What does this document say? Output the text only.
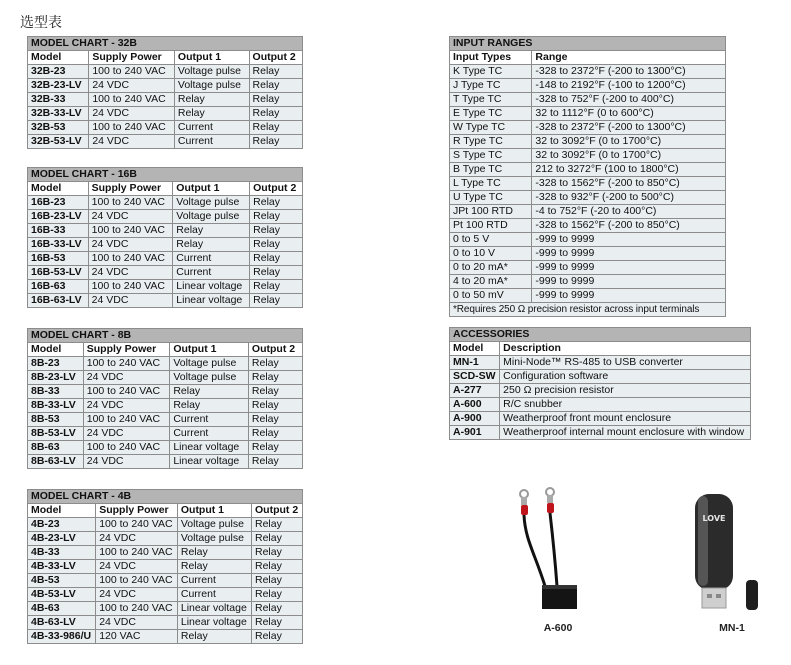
选型表
MODEL CHART - 32B			
Model	Supply Power	Output 1	Output 2
32B-23	100 to 240 VAC	Voltage pulse	Relay
32B-23-LV	24 VDC	Voltage pulse	Relay
32B-33	100 to 240 VAC	Relay	Relay
32B-33-LV	24 VDC	Relay	Relay
32B-53	100 to 240 VAC	Current	Relay
32B-53-LV	24 VDC	Current	Relay
MODEL CHART - 16B			
Model	Supply Power	Output 1	Output 2
16B-23	100 to 240 VAC	Voltage pulse	Relay
16B-23-LV	24 VDC	Voltage pulse	Relay
16B-33	100 to 240 VAC	Relay	Relay
16B-33-LV	24 VDC	Relay	Relay
16B-53	100 to 240 VAC	Current	Relay
16B-53-LV	24 VDC	Current	Relay
16B-63	100 to 240 VAC	Linear voltage	Relay
16B-63-LV	24 VDC	Linear voltage	Relay
MODEL CHART - 8B			
Model	Supply Power	Output 1	Output 2
8B-23	100 to 240 VAC	Voltage pulse	Relay
8B-23-LV	24 VDC	Voltage pulse	Relay
8B-33	100 to 240 VAC	Relay	Relay
8B-33-LV	24 VDC	Relay	Relay
8B-53	100 to 240 VAC	Current	Relay
8B-53-LV	24 VDC	Current	Relay
8B-63	100 to 240 VAC	Linear voltage	Relay
8B-63-LV	24 VDC	Linear voltage	Relay
MODEL CHART - 4B			
Model	Supply Power	Output 1	Output 2
4B-23	100 to 240 VAC	Voltage pulse	Relay
4B-23-LV	24 VDC	Voltage pulse	Relay
4B-33	100 to 240 VAC	Relay	Relay
4B-33-LV	24 VDC	Relay	Relay
4B-53	100 to 240 VAC	Current	Relay
4B-53-LV	24 VDC	Current	Relay
4B-63	100 to 240 VAC	Linear voltage	Relay
4B-63-LV	24 VDC	Linear voltage	Relay
4B-33-986/U	120 VAC	Relay	Relay
INPUT RANGES	
Input Types	Range
K Type TC	-328 to 2372°F (-200 to 1300°C)
J Type TC	-148 to 2192°F (-100 to 1200°C)
T Type TC	-328 to 752°F (-200 to 400°C)
E Type TC	32 to 1112°F (0 to 600°C)
W Type TC	-328 to 2372°F (-200 to 1300°C)
R Type TC	32 to 3092°F (0 to 1700°C)
S Type TC	32 to 3092°F (0 to 1700°C)
B Type TC	212 to 3272°F (100 to 1800°C)
L Type TC	-328 to 1562°F (-200 to 850°C)
U Type TC	-328 to 932°F (-200 to 500°C)
JPt 100 RTD	-4 to 752°F (-20 to 400°C)
Pt 100 RTD	-328 to 1562°F (-200 to 850°C)
0 to 5 V	-999 to 9999
0 to 10 V	-999 to 9999
0 to 20 mA*	-999 to 9999
4 to 20 mA*	-999 to 9999
0 to 50 mV	-999 to 9999
*Requires 250 Ω precision resistor across input terminals	
ACCESSORIES	
Model	Description
MN-1	Mini-Node™ RS-485 to USB converter
SCD-SW	Configuration software
A-277	250 Ω precision resistor
A-600	R/C snubber
A-900	Weatherproof front mount enclosure
A-901	Weatherproof internal mount enclosure with window
A-600
LOVE
MN-1
